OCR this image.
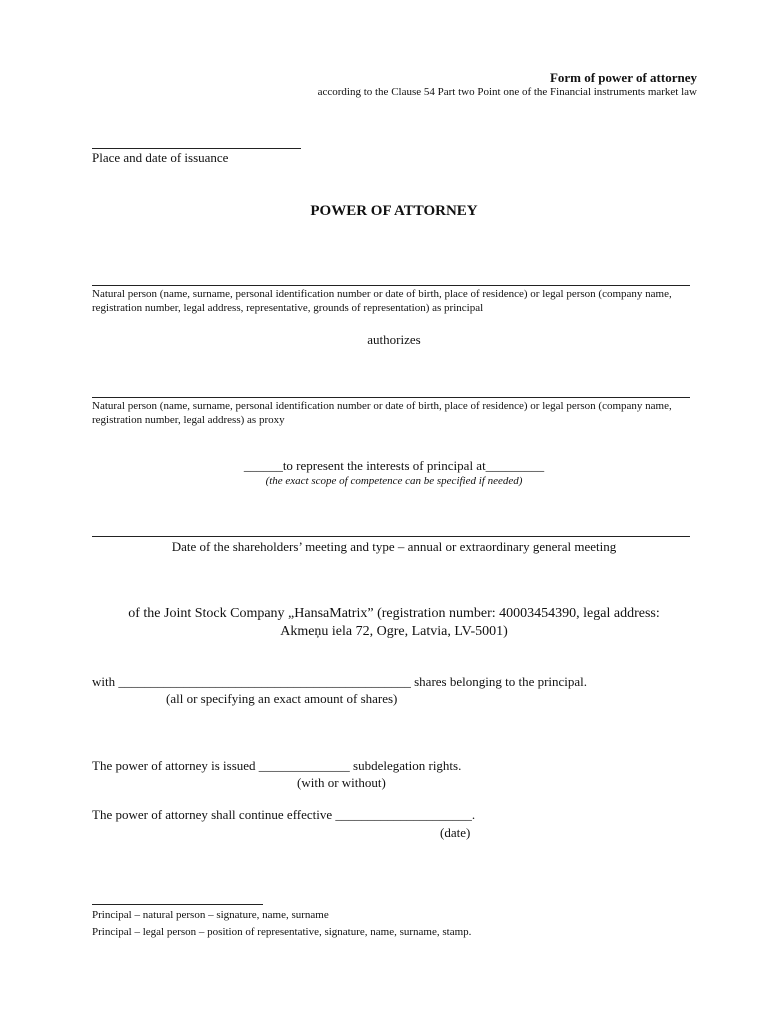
Form of power of attorney
according to the Clause 54 Part two Point one of the Financial instruments market law
Place and date of issuance
POWER OF ATTORNEY
Natural person (name, surname, personal identification number or date of birth, place of residence) or legal person (company name, registration number, legal address, representative, grounds of representation) as principal
authorizes
Natural person (name, surname, personal identification number or date of birth, place of residence) or legal person (company name, registration number, legal address) as proxy
______to represent the interests of principal at_________
(the exact scope of competence can be specified if needed)
Date of the shareholders’ meeting and type – annual or extraordinary general meeting
of the Joint Stock Company „HansaMatrix” (registration number: 40003454390, legal address:
Akmeņu iela 72, Ogre, Latvia, LV-5001)
with _____________________________________________ shares belonging to the principal.
(all or specifying an exact amount of shares)
The power of attorney is issued ______________ subdelegation rights.
(with or without)
The power of attorney shall continue effective _____________________.
(date)
Principal – natural person – signature, name, surname
Principal – legal person – position of representative, signature, name, surname, stamp.
